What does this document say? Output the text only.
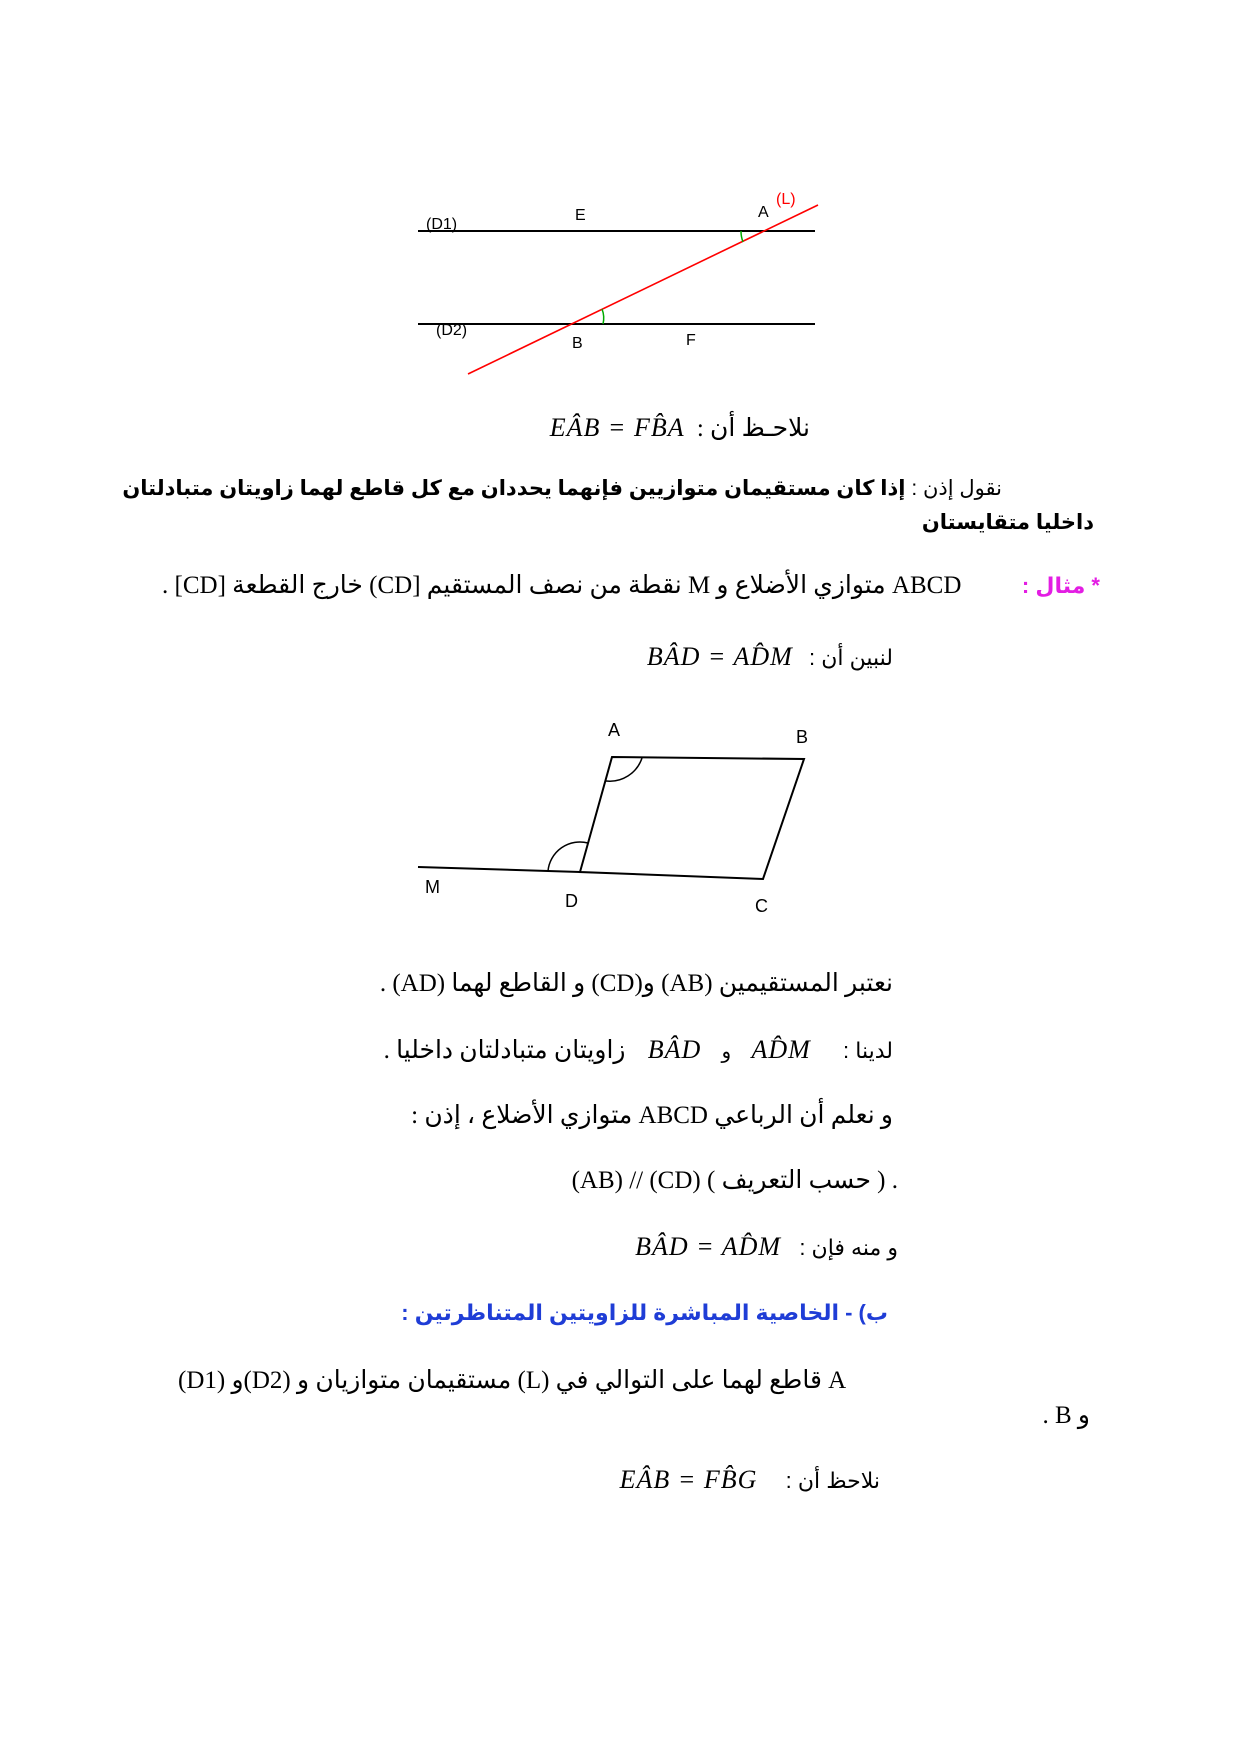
(D1)
(D2)
E	A
(L)
B	F
نلاحـظ أن : EÂB = FB̂A
نقول إذن : إذا كان مستقيمان متوازيين فإنهما يحددان مع كل قاطع لهما زاويتان متبادلتان
داخليا متقايستان
* مثال :  ABCD متوازي الأضلاع و M نقطة من نصف المستقيم [CD) خارج القطعة [CD] .
لنبين أن : BÂD = AD̂M
A	B
C
D
M
نعتبر المستقيمين (AB) و(CD) و القاطع لهما (AD) .
لدينا : AD̂M و BÂD زاويتان متبادلتان داخليا .
و نعلم أن الرباعي ABCD متوازي الأضلاع ، إذن :
(AB) // (CD) ( حسب التعريف ) .
و منه فإن : BÂD = AD̂M
ب) - الخاصية المباشرة للزاويتين المتناظرتين :
(D1) و(D2) مستقيمان متوازيان و (L) قاطع لهما على التوالي في A
و B .
نلاحظ أن : EÂB = FB̂G
